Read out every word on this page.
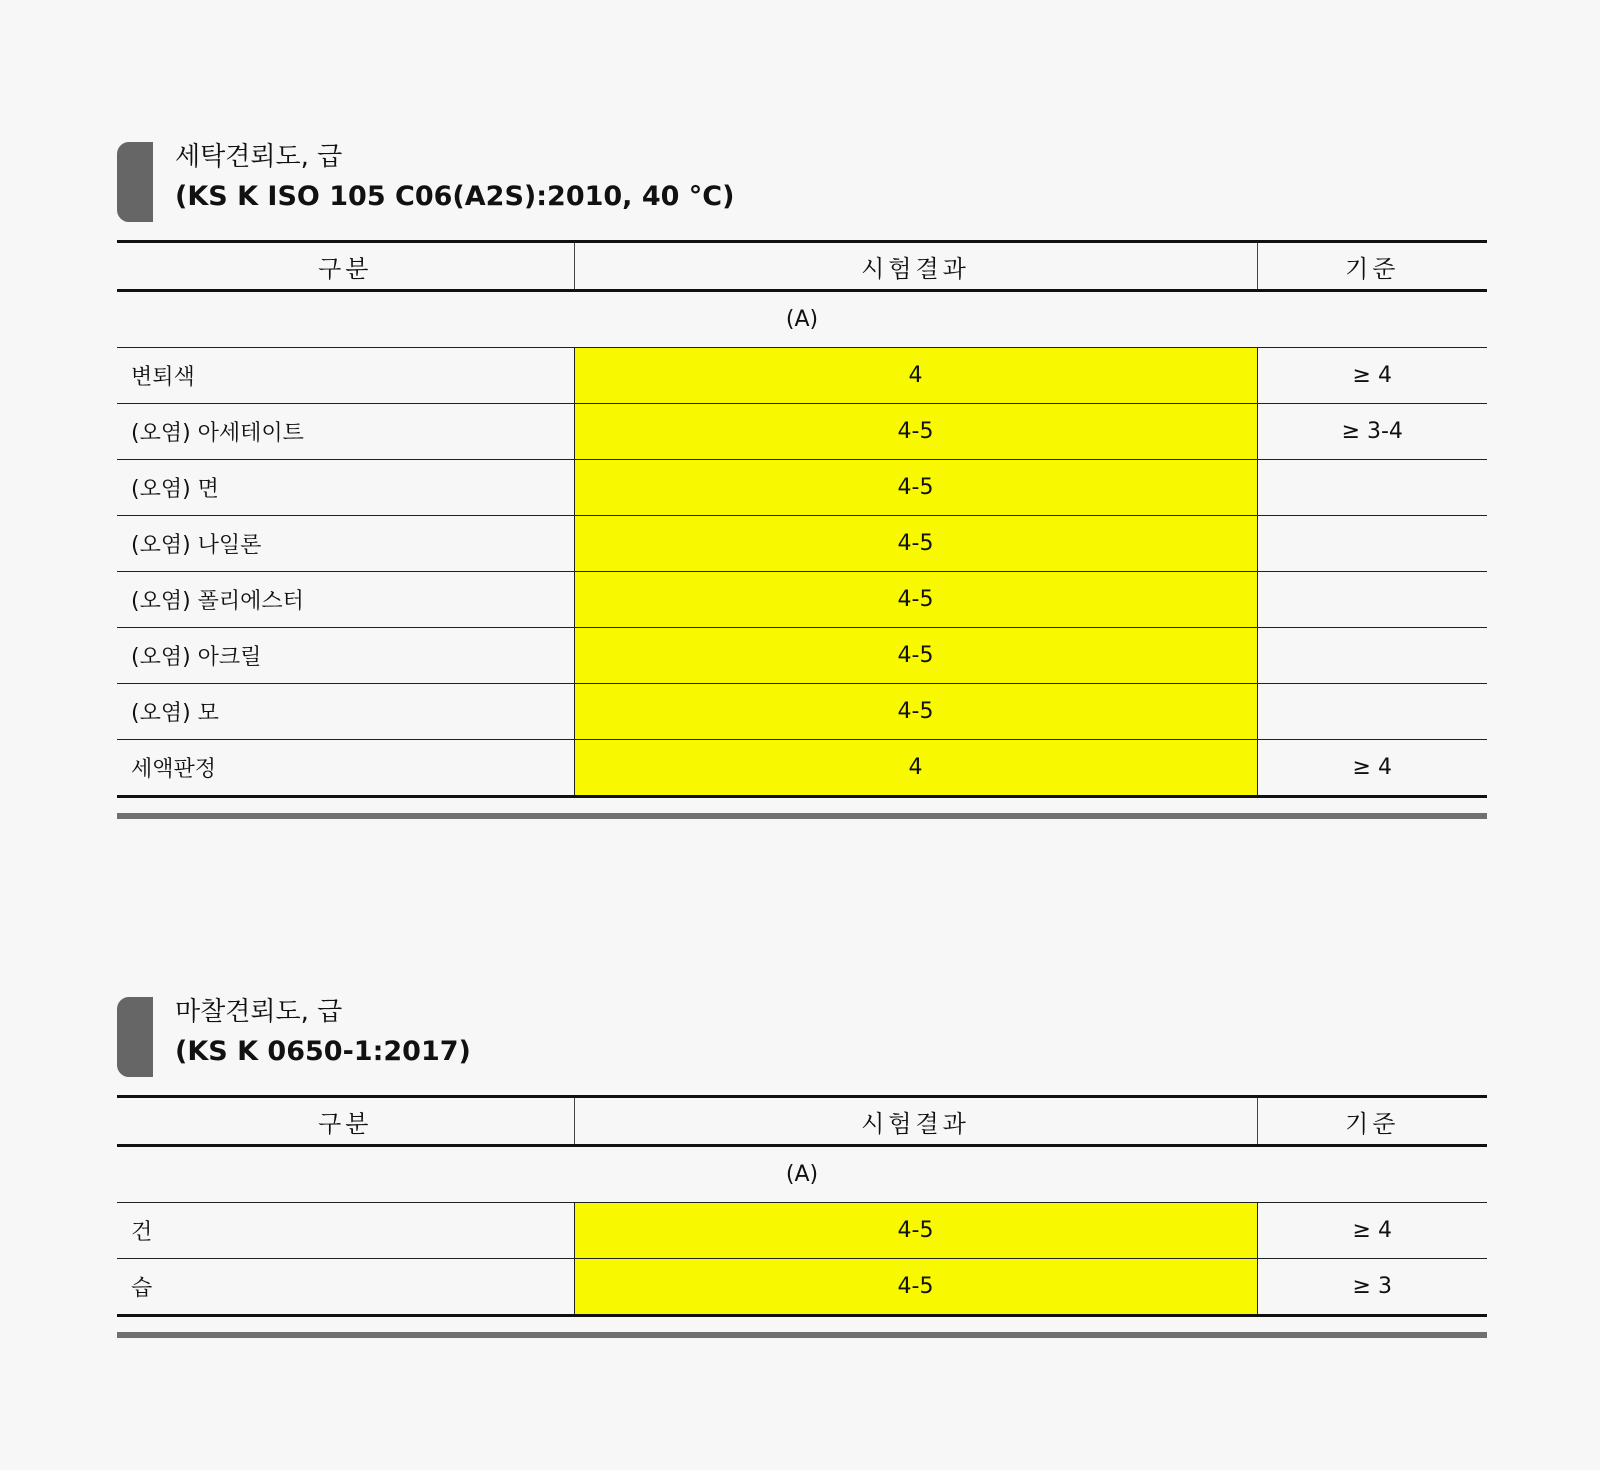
세탁견뢰도, 급
(KS K ISO 105 C06(A2S):2010, 40 °C)
구분	시험결과	기준
(A)		
변퇴색	4	≥ 4
(오염) 아세테이트	4-5	≥ 3-4
(오염) 면	4-5	
(오염) 나일론	4-5	
(오염) 폴리에스터	4-5	
(오염) 아크릴	4-5	
(오염) 모	4-5	
세액판정	4	≥ 4
마찰견뢰도, 급
(KS K 0650-1:2017)
구분	시험결과	기준
(A)		
건	4-5	≥ 4
습	4-5	≥ 3
